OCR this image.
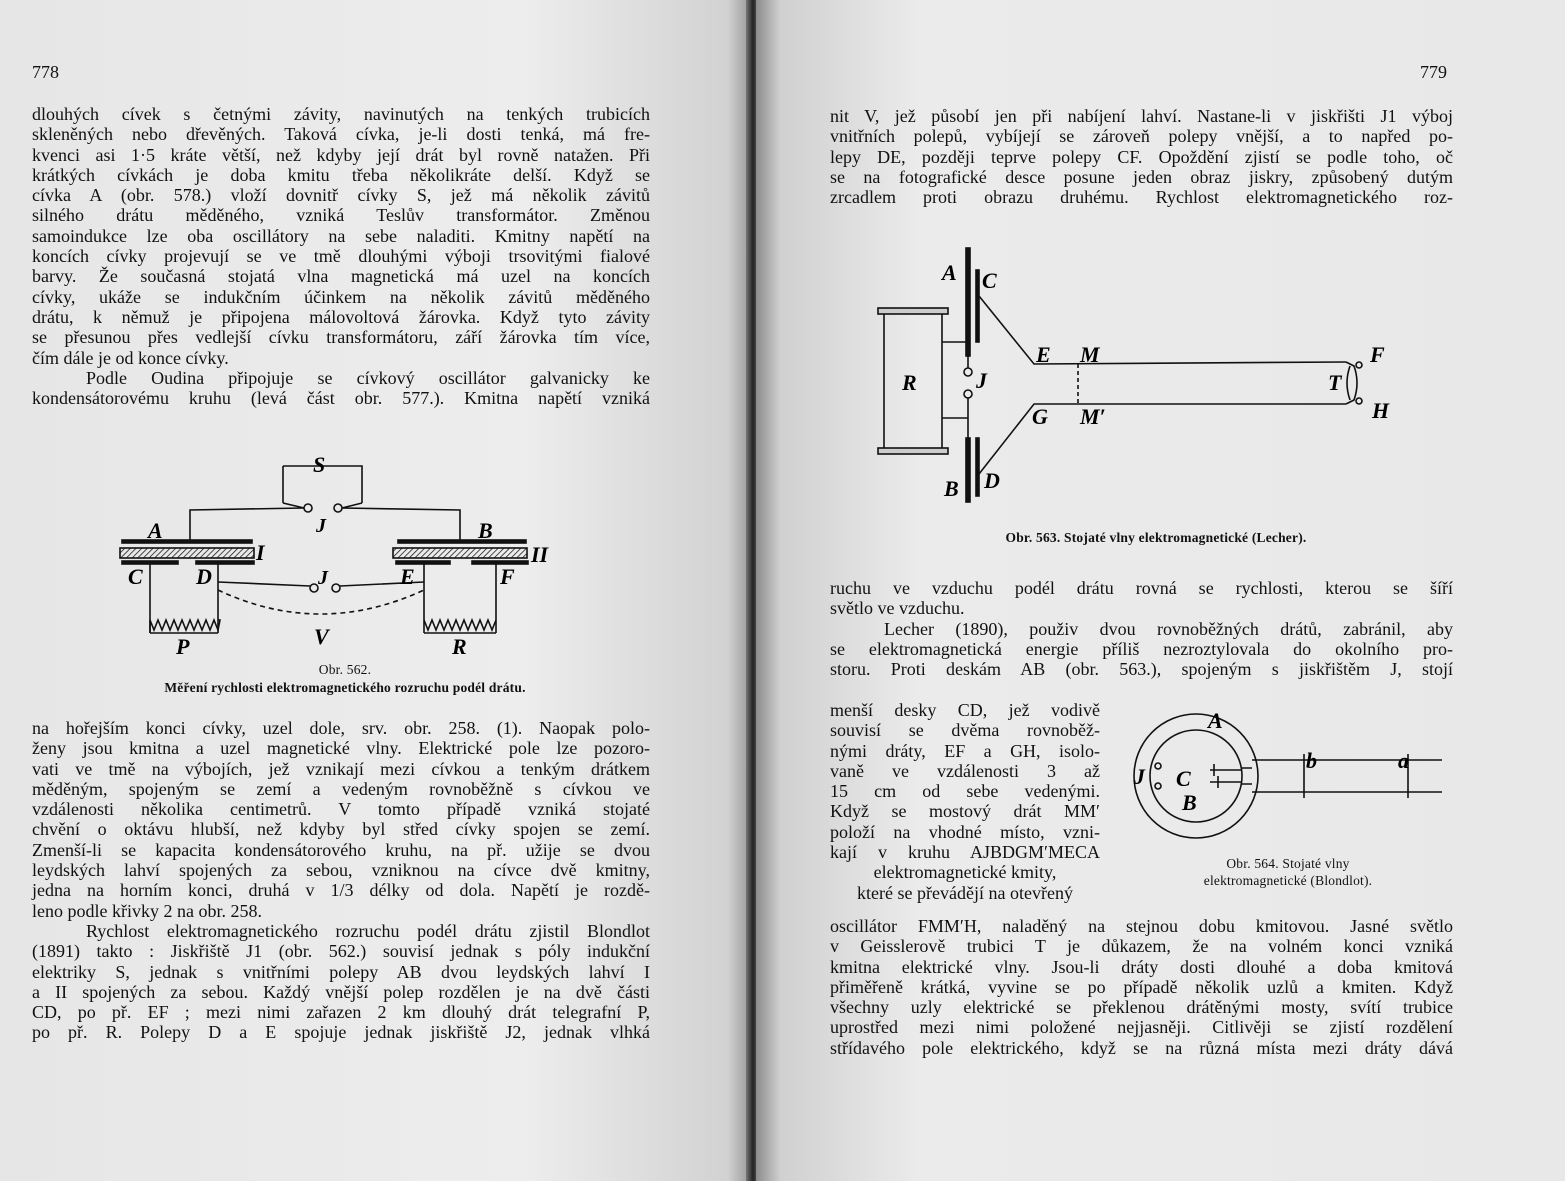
778

dlouhých cívek s četnými závity, navinutých na tenkých trubicích

skleněných nebo dřevěných. Taková cívka, je-li dosti tenká, má fre-

kvenci asi 1·5 kráte větší, než kdyby její drát byl rovně natažen. Při

krátkých cívkách je doba kmitu třeba několikráte delší. Když se

cívka A (obr. 578.) vloží dovnitř cívky S, jež má několik závitů

silného drátu měděného, vzniká Teslův transformátor. Změnou

samoindukce lze oba oscillátory na sebe naladiti. Kmitny napětí na

koncích cívky projevují se ve tmě dlouhými výboji trsovitými fialové

barvy. Že současná stojatá vlna magnetická má uzel na koncích

cívky, ukáže se indukčním účinkem na několik závitů měděného

drátu, k němuž je připojena málovoltová žárovka. Když tyto závity

se přesunou přes vedlejší cívku transformátoru, září žárovka tím více,

čím dále je od konce cívky.

Podle Oudina připojuje se cívkový oscillátor galvanicky ke

kondensátorovému kruhu (levá část obr. 577.). Kmitna napětí vzniká

S
J
A	B
I	II
C D	J	E	F
P	V	R
Obr. 562.
Měření rychlosti elektromagnetického rozruchu podél drátu.

na hořejším konci cívky, uzel dole, srv. obr. 258. (1). Naopak polo-

ženy jsou kmitna a uzel magnetické vlny. Elektrické pole lze pozoro-

vati ve tmě na výbojích, jež vznikají mezi cívkou a tenkým drátkem

měděným, spojeným se zemí a vedeným rovnoběžně s cívkou ve

vzdálenosti několika centimetrů. V tomto případě vzniká stojaté

chvění o oktávu hlubší, než kdyby byl střed cívky spojen se zemí.

Zmenší-li se kapacita kondensátorového kruhu, na př. užije se dvou

leydských lahví spojených za sebou, vzniknou na cívce dvě kmitny,

jedna na horním konci, druhá v 1/3 délky od dola. Napětí je rozdě-

leno podle křivky 2 na obr. 258.

Rychlost elektromagnetického rozruchu podél drátu zjistil Blondlot

(1891) takto : Jiskřiště J1 (obr. 562.) souvisí jednak s póly indukční

elektriky S, jednak s vnitřními polepy AB dvou leydských lahví I

a II spojených za sebou. Každý vnější polep rozdělen je na dvě části

CD, po př. EF ; mezi nimi zařazen 2 km dlouhý drát telegrafní P,

po př. R. Polepy D a E spojuje jednak jiskřiště J2, jednak vlhká

779

nit V, jež působí jen při nabíjení lahví. Nastane-li v jiskřišti J1 výboj

vnitřních polepů, vybíjejí se zároveň polepy vnější, a to napřed po-

lepy DE, později teprve polepy CF. Opoždění zjistí se podle toho, oč

se na fotografické desce posune jeden obraz jiskry, způsobený dutým

zrcadlem proti obrazu druhému. Rychlost elektromagnetického roz-

A C
R	J
E M
G M′
T
F
H
B D
Obr. 563. Stojaté vlny elektromagnetické (Lecher).

ruchu ve vzduchu podél drátu rovná se rychlosti, kterou se šíří

světlo ve vzduchu.

Lecher (1890), použiv dvou rovnoběžných drátů, zabránil, aby

se elektromagnetická energie příliš nezroztylovala do okolního pro-

storu. Proti deskám AB (obr. 563.), spojeným s jiskřištěm J, stojí

menší desky CD, jež vodivě

souvisí se dvěma rovnoběž-

nými dráty, EF a GH, isolo-

vaně ve vzdálenosti 3 až

15 cm od sebe vedenými.

Když se mostový drát MM′

položí na vhodné místo, vzni-

kají v kruhu AJBDGM′MECA

elektromagnetické kmity,

které se převádějí na otevřený

A
J C
B
b	a
Obr. 564. Stojaté vlny
elektromagnetické (Blondlot).

oscillátor FMM′H, naladěný na stejnou dobu kmitovou. Jasné světlo

v Geisslerově trubici T je důkazem, že na volném konci vzniká

kmitna elektrické vlny. Jsou-li dráty dosti dlouhé a doba kmitová

přiměřeně krátká, vyvine se po případě několik uzlů a kmiten. Když

všechny uzly elektrické se překlenou drátěnými mosty, svítí trubice

uprostřed mezi nimi položené nejjasněji. Citlivěji se zjistí rozdělení

střídavého pole elektrického, když se na různá místa mezi dráty dává
